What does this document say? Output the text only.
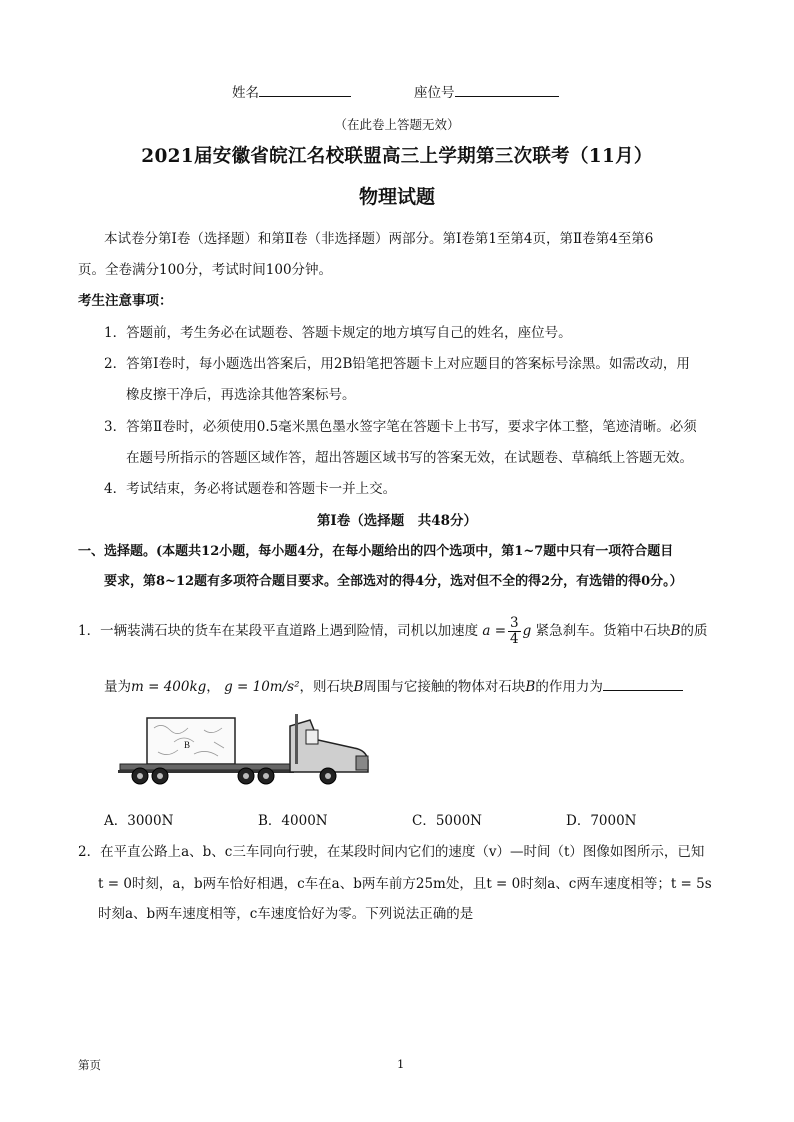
姓名	座位号
（在此卷上答题无效）
2021届安徽省皖江名校联盟高三上学期第三次联考（11月）
物理试题
本试卷分第Ⅰ卷（选择题）和第Ⅱ卷（非选择题）两部分。第Ⅰ卷第1至第4页，第Ⅱ卷第4至第6
页。全卷满分100分，考试时间100分钟。
考生注意事项：
1．答题前，考生务必在试题卷、答题卡规定的地方填写自己的姓名，座位号。
2．答第Ⅰ卷时，每小题选出答案后，用2B铅笔把答题卡上对应题目的答案标号涂黑。如需改动，用
橡皮擦干净后，再选涂其他答案标号。
3．答第Ⅱ卷时，必须使用0.5毫米黑色墨水签字笔在答题卡上书写，要求字体工整，笔迹清晰。必须
在题号所指示的答题区域作答，超出答题区域书写的答案无效，在试题卷、草稿纸上答题无效。
4．考试结束，务必将试题卷和答题卡一并上交。
第Ⅰ卷（选择题　共48分）
一、选择题。(本题共12小题，每小题4分，在每小题给出的四个选项中，第1~7题中只有一项符合题目
要求，第8~12题有多项符合题目要求。全部选对的得4分，选对但不全的得2分，有选错的得0分。）
1．一辆装满石块的货车在某段平直道路上遇到险情，司机以加速度 $a = \frac{3}{4}$ g 紧急刹车。货箱中石块B的质
量为m = 400kg， g = 10m/s²，则石块B周围与它接触的物体对石块B的作用力为
B
A．3000N	B．4000N	C．5000N	D．7000N
2．在平直公路上a、b、c三车同向行驶，在某段时间内它们的速度（v）—时间（t）图像如图所示，已知
t = 0时刻，a，b两车恰好相遇，c车在a、b两车前方25m处，且t = 0时刻a、c两车速度相等；t = 5s
时刻a、b两车速度相等，c车速度恰好为零。下列说法正确的是
第页	1
